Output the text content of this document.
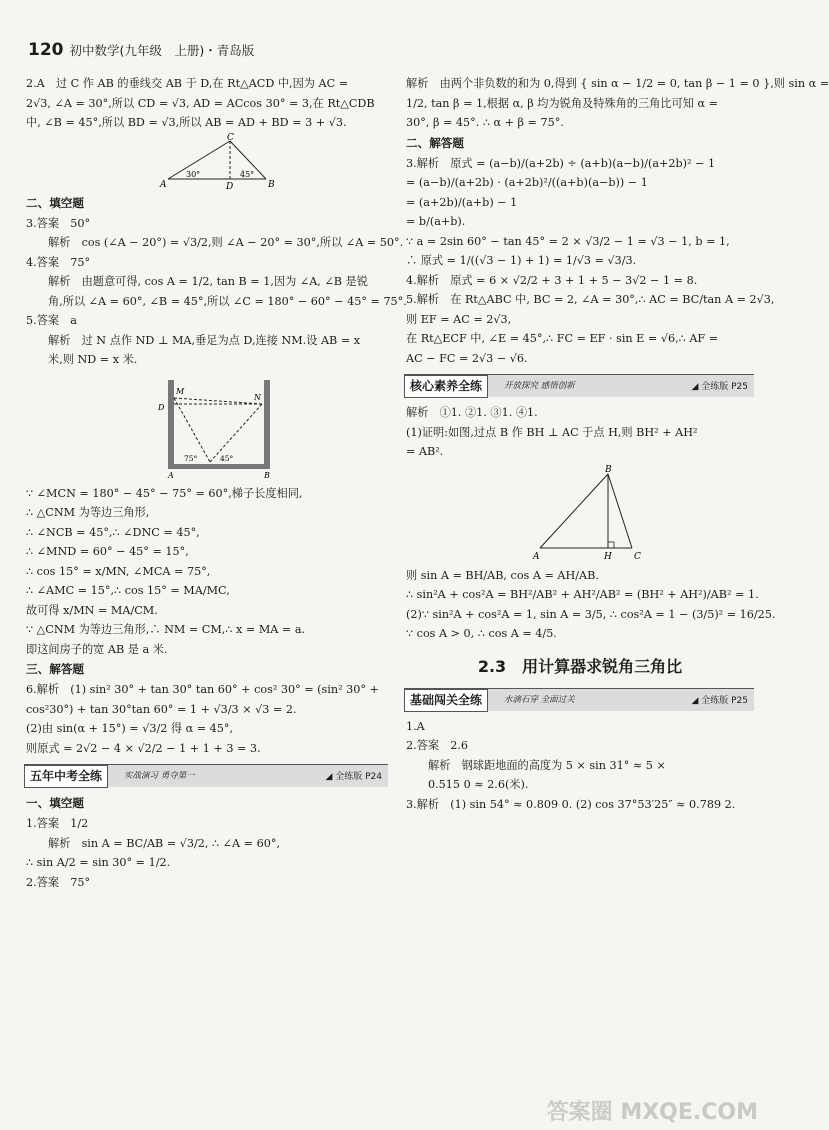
120 初中数学(九年级　上册)・青岛版
2.A　过 C 作 AB 的垂线交 AB 于 D,在 Rt△ACD 中,因为 AC =
2√3, ∠A = 30°,所以 CD = √3, AD = ACcos 30° = 3,在 Rt△CDB
中, ∠B = 45°,所以 BD = √3,所以 AB = AD + BD = 3 + √3.
A	B
C
D
30°	45°
二、填空题
3.答案　50°
解析　cos (∠A − 20°) = √3/2,则 ∠A − 20° = 30°,所以 ∠A = 50°.
4.答案　75°
解析　由题意可得, cos A = 1/2, tan B = 1,因为 ∠A, ∠B 是锐
角,所以 ∠A = 60°, ∠B = 45°,所以 ∠C = 180° − 60° − 45° = 75°.
5.答案　a
解析　过 N 点作 ND ⊥ MA,垂足为点 D,连接 NM.设 AB = x
米,则 ND = x 米.
M
N
D
A	B
75°	45°
∵ ∠MCN = 180° − 45° − 75° = 60°,梯子长度相同,
∴ △CNM 为等边三角形,
∴ ∠NCB = 45°,∴ ∠DNC = 45°,
∴ ∠MND = 60° − 45° = 15°,
∴ cos 15° = x/MN, ∠MCA = 75°,
∴ ∠AMC = 15°,∴ cos 15° = MA/MC,
故可得 x/MN = MA/CM.
∵ △CNM 为等边三角形,∴ NM = CM,∴ x = MA = a.
即这间房子的宽 AB 是 a 米.
三、解答题
6.解析　(1) sin² 30° + tan 30° tan 60° + cos² 30° = (sin² 30° +
cos²30°) + tan 30°tan 60° = 1 + √3/3 × √3 = 2.
(2)由 sin(α + 15°) = √3/2 得 α = 45°,
则原式 = 2√2 − 4 × √2/2 − 1 + 1 + 3 = 3.
五年中考全练	实战演习 勇夺第一	◢ 全练版 P24
一、填空题
1.答案　1/2
解析　sin A = BC/AB = √3/2, ∴ ∠A = 60°,
∴ sin A/2 = sin 30° = 1/2.
2.答案　75°
解析　由两个非负数的和为 0,得到 { sin α − 1/2 = 0, tan β − 1 = 0 },则 sin α =
1/2, tan β = 1,根据 α, β 均为锐角及特殊角的三角比可知 α =
30°, β = 45°. ∴ α + β = 75°.
二、解答题
3.解析　原式 = (a−b)/(a+2b) ÷ (a+b)(a−b)/(a+2b)² − 1
= (a−b)/(a+2b) · (a+2b)²/((a+b)(a−b)) − 1
= (a+2b)/(a+b) − 1
= b/(a+b).
∵ a = 2sin 60° − tan 45° = 2 × √3/2 − 1 = √3 − 1, b = 1,
∴ 原式 = 1/((√3 − 1) + 1) = 1/√3 = √3/3.
4.解析　原式 = 6 × √2/2 + 3 + 1 + 5 − 3√2 − 1 = 8.
5.解析　在 Rt△ABC 中, BC = 2, ∠A = 30°,∴ AC = BC/tan A = 2√3,
则 EF = AC = 2√3,
在 Rt△ECF 中, ∠E = 45°,∴ FC = EF · sin E = √6,∴ AF =
AC − FC = 2√3 − √6.
核心素养全练	开放探究 感悟创新	◢ 全练版 P25
解析　①1. ②1. ③1. ④1.
(1)证明:如图,过点 B 作 BH ⊥ AC 于点 H,则 BH² + AH²
= AB².
A
B
C
H
则 sin A = BH/AB, cos A = AH/AB.
∴ sin²A + cos²A = BH²/AB² + AH²/AB² = (BH² + AH²)/AB² = 1.
(2)∵ sin²A + cos²A = 1, sin A = 3/5, ∴ cos²A = 1 − (3/5)² = 16/25.
∵ cos A > 0, ∴ cos A = 4/5.
2.3　用计算器求锐角三角比
基础闯关全练	水滴石穿 全面过关	◢ 全练版 P25
1.A
2.答案　2.6
解析　钢球距地面的高度为 5 × sin 31° ≈ 5 ×
0.515 0 ≈ 2.6(米).
3.解析　(1) sin 54° ≈ 0.809 0. (2) cos 37°53′25″ ≈ 0.789 2.
答案圈 MXQE.COM
